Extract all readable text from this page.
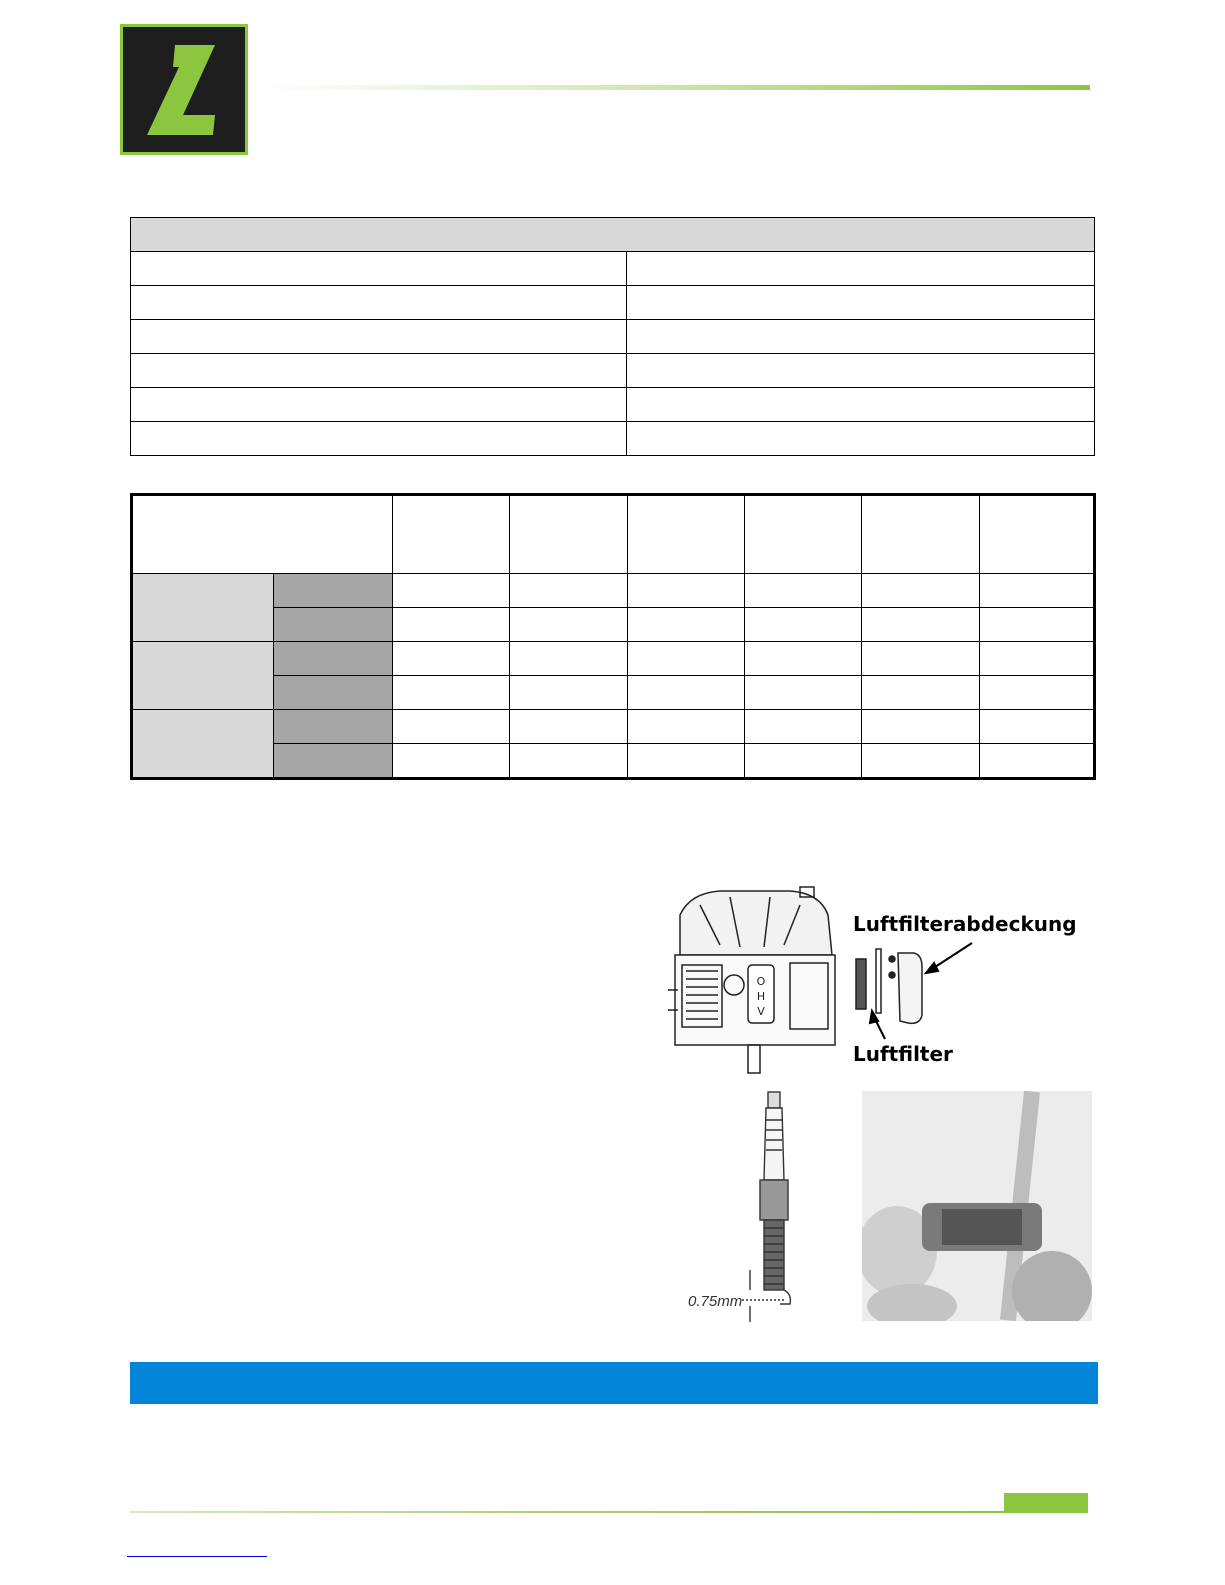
O
H
V
Luftfilterabdeckung
Luftfilter
0.75mm
